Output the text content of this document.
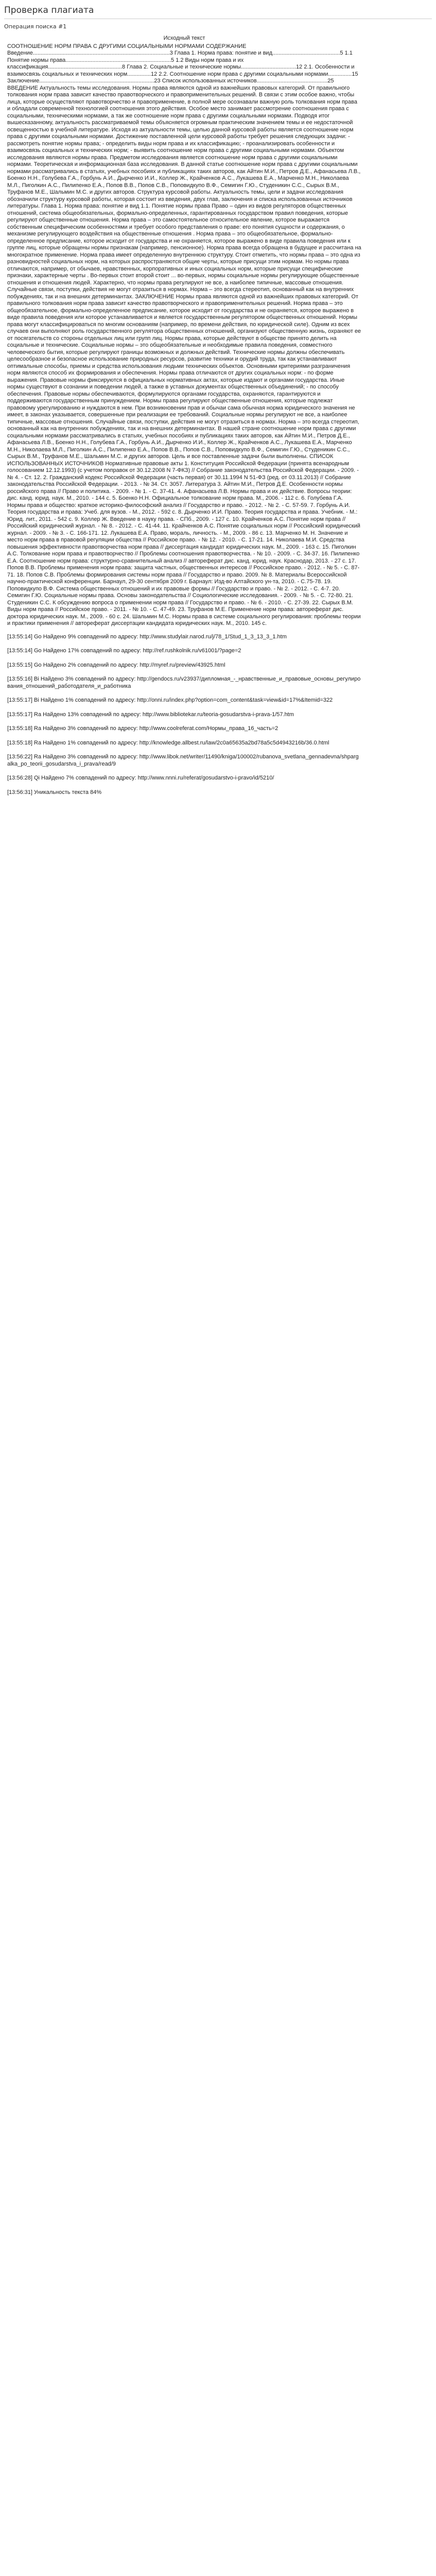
Проверка плагиата
Операция поиска #1
Исходный текст
СООТНОШЕНИЕ НОРМ ПРАВА С ДРУГИМИ СОЦИАЛЬНЫМИ НОРМАМИ СОДЕРЖАНИЕ Введение.......................................................................................3 Глава 1. Норма права: понятие и вид...........................................5 1.1 Понятие нормы права...................................................................5 1.2 Виды норм права и их классификация...............................................8 Глава 2. Социальные и технические нормы...................................12 2.1. Особенности и взаимосвязь социальных и технических норм...............12 2.2. Соотношение норм права с другими социальными нормами...............15 Заключение.........................................................................23 Список использованных источников.............................................25 ВВЕДЕНИЕ Актуальность темы исследования. Нормы права являются одной из важнейших правовых категорий. От правильного толкования норм права зависит качество правотворческого и правоприменительных решений. В связи с этим особое важно, чтобы лица, которые осуществляют правотворчество и правоприменение, в полной мере осознавали важную роль толкования норм права и обладали современной технологией соотношения этого действия. Особое место занимает рассмотрение соотношения права с социальными, техническими нормами, а так же соотношение норм права с другими социальными нормами. Подводя итог вышесказанному, актуальность рассматриваемой темы объясняется огромным практическим значением темы и ее недостаточной освещенностью в учебной литературе. Исходя из актуальности темы, целью данной курсовой работы является соотношение норм права с другими социальными нормами. Достижение поставленной цели курсовой работы требует решения следующих задачи: - рассмотреть понятие нормы права; - определить виды норм права и их классификацию; - проанализировать особенности и взаимосвязь социальных и технических норм; - выявить соотношение норм права с другими социальными нормами. Объектом исследования являются нормы права. Предметом исследования является соотношение норм права с другими социальными нормами. Теоретическая и информационная база исследования. В данной статье соотношение норм права с другими социальными нормами рассматривались в статьях, учебных пособиях и публикациях таких авторов, как Айтин М.И., Петров Д.Е., Афанасьева Л.В., Боенко Н.Н., Голубева Г.А., Горбунь А.И., Дырченко И.И., Коллер Ж., Крайченков А.С., Лукашева Е.А., Марченко М.Н., Николаева М.Л., Пиголкин А.С., Пилипенко Е.А., Попов В.В., Попов С.В., Поповидкупо В.Ф., Семигин Г.Ю., Студеникин С.С., Сырых В.М., Труфанов М.Е., Шальмин М.С. и других авторов. Структура курсовой работы. Актуальность темы, цели и задачи исследования обозначили структуру курсовой работы, которая состоит из введения, двух глав, заключения и списка использованных источников литературы. Глава 1. Норма права: понятие и вид 1.1. Понятие нормы права Право – один из видов регуляторов общественных отношений, система общеобязательных, формально-определенных, гарантированных государством правил поведения, которые регулируют общественные отношения. Норма права – это самостоятельное относительное явление, которое выражается собственным специфическим особенностями и требует особого представления о праве: его понятия сущности и содержания, о механизме регулирующего воздействия на общественные отношения . Норма права – это общеобязательное, формально-определенное предписание, которое исходит от государства и не охраняется, которое выражено в виде правила поведения или к группе лиц, которые обращены нормы признакам (например, пенсионное). Норма права всегда обращена в будущее и рассчитана на многократное применение. Норма права имеет определенную внутреннюю структуру. Стоит отметить, что нормы права – это одна из разновидностей социальных норм, на которых распространяются общие черты, которые присущи этим нормам. Но нормы права отличаются, например, от обычаев, нравственных, корпоративных и иных социальных норм, которые присущи специфические признаки, характерные черты . Во-первых стоит второй стоит ... во-первых, нормы социальные нормы регулирующие общественные отношения и отношения людей. Характерно, что нормы права регулируют не все, а наиболее типичные, массовые отношения. Случайные связи, поступки, действия не могут отразиться в нормах. Норма – это всегда стереотип, основанный как на внутренних побуждениях, так и на внешних детерминантах. ЗАКЛЮЧЕНИЕ Нормы права являются одной из важнейших правовых категорий. От правильного толкования норм права зависит качество правотворческого и правоприменительных решений. Норма права – это общеобязательное, формально-определенное предписание, которое исходит от государства и не охраняется, которое выражено в виде правила поведения или которое устанавливается и является государственным регулятором общественных отношений. Нормы права могут классифицироваться по многим основаниям (например, по времени действия, по юридической силе). Одним из всех случаев они выполняют роль государственного регулятора общественных отношений, организуют общественную жизнь, охраняют ее от посягательств со стороны отдельных лиц или групп лиц. Нормы права, которые действуют в обществе принято делить на социальные и технические. Социальные нормы – это общеобязательные и необходимые правила поведения, совместного человеческого бытия, которые регулируют границы возможных и должных действий. Технические нормы должны обеспечивать целесообразное и безопасное использование природных ресурсов, развитие техники и орудий труда, так как устанавливают оптимальные способы, приемы и средства использования людьми технических объектов. Основными критериями разграничения норм являются способ их формирования и обеспечения. Нормы права отличаются от других социальных норм: - по форме выражения. Правовые нормы фиксируются в официальных нормативных актах, которые издают и органами государства. Иные нормы существуют в сознании и поведении людей, а также в уставных документах общественных объединений; - по способу обеспечения. Правовые нормы обеспечиваются, формулируются органами государства, охраняются, гарантируются и поддерживаются государственным принуждением. Нормы права регулируют общественные отношения, которые подлежат правовому урегулированию и нуждаются в нем. При возникновении прав и обычаи сама обычная норма юридического значения не имеет, в законах указывается, совершенные при реализации ее требований. Социальные нормы регулируют не все, а наиболее типичные, массовые отношения. Случайные связи, поступки, действия не могут отразиться в нормах. Норма – это всегда стереотип, основанный как на внутренних побуждениях, так и на внешних детерминантах. В нашей стране соотношение норм права с другими социальными нормами рассматривались в статьях, учебных пособиях и публикациях таких авторов, как Айтин М.И., Петров Д.Е., Афанасьева Л.В., Боенко Н.Н., Голубева Г.А., Горбунь А.И., Дырченко И.И., Коллер Ж., Крайченков А.С., Лукашева Е.А., Марченко М.Н., Николаева М.Л., Пиголкин А.С., Пилипенко Е.А., Попов В.В., Попов С.В., Поповидкупо В.Ф., Семигин Г.Ю., Студеникин С.С., Сырых В.М., Труфанов М.Е., Шальмин М.С. и других авторов. Цель и все поставленные задачи были выполнены. СПИСОК ИСПОЛЬЗОВАННЫХ ИСТОЧНИКОВ Нормативные правовые акты 1. Конституция Российской Федерации (принята всенародным голосованием 12.12.1993) (с учетом поправок от 30.12.2008 N 7-ФКЗ) // Собрание законодательства Российской Федерации. - 2009. - № 4. - Ст. 12. 2. Гражданский кодекс Российской Федерации (часть первая) от 30.11.1994 N 51-ФЗ (ред. от 03.11.2013) // Собрание законодательства Российской Федерации. - 2013. - № 34. Ст. 3057. Литература 3. Айтин М.И., Петров Д.Е. Особенности нормы российского права // Право и политика. - 2009. - № 1. - С. 37-41. 4. Афанасьева Л.В. Нормы права и их действие. Вопросы теории: дис. канд. юрид. наук. М., 2010. - 144 с. 5. Боенко Н.Н. Официальное толкование норм права. М., 2006. - 112 с. 6. Голубева Г.А. Нормы права и общество: краткое историко-философский анализ // Государство и право. - 2012. - № 2. - С. 57-59. 7. Горбунь А.И. Теория государства и права: Учеб. для вузов. - М., 2012. - 592 с. 8. Дырченко И.И. Право. Теория государства и права. Учебник. - М.: Юрид. лит., 2011. - 542 с. 9. Коллер Ж. Введение в науку права. - СПб., 2009. - 127 с. 10. Крайченков А.С. Понятие норм права // Российский юридический журнал. - № 8. - 2012. - С. 41-44. 11. Крайченков А.С. Понятие социальных норм // Российский юридический журнал. - 2009. - № 3. - С. 166-171. 12. Лукашева Е.А. Право, мораль, личность. - М., 2009. - 86 с. 13. Марченко М. Н. Значение и место норм права в правовой регуляции общества // Российское право. - № 12. - 2010. - С. 17-21. 14. Николаева М.И. Средства повышения эффективности правотворчества норм права // диссертация кандидат юридических наук. М., 2009. - 163 с. 15. Пиголкин А.С. Толкование норм права и правотворчество // Проблемы соотношения правотворчества. - № 10. - 2009. - С. 34-37. 16. Пилипенко Е.А. Соотношение норм права: структурно-сравнительный анализ // автореферат дис. канд. юрид. наук. Краснодар, 2013. - 27 с. 17. Попов В.В. Проблемы применения норм права: защита частных, общественных интересов // Российское право. - 2012. - № 5. - С. 87-71. 18. Попов С.В. Проблемы формирования системы норм права // Государство и право. 2009. № 8. Материалы Всероссийской научно-практической конференции. Барнаул, 29-30 сентября 2009 г. Барнаул: Изд-во Алтайского ун-та, 2010. - С.75-78. 19. Поповидкупо В.Ф. Система общественных отношений и их правовые формы // Государство и право. - № 2. - 2012. - С. 4-7. 20. Семигин Г.Ю. Социальные нормы права. Основы законодательства // Социологические исследования. - 2009. - № 5. - С. 72-80. 21. Студеникин С.С. К обсуждению вопроса о применении норм права // Государство и право. - № 6. - 2010. - С. 27-39. 22. Сырых В.М. Виды норм права // Российское право. - 2011. - № 10. - С. 47-49. 23. Труфанов М.Е. Применение норм права: автореферат дис. доктора юридических наук. М., 2009. - 60 с. 24. Шальмин М.С. Нормы права в системе социального регулирования: проблемы теории и практики применения // автореферат диссертации кандидата юридических наук. М., 2010. 145 с.
[13:55:14] Go Найдено 9% совпадений по адресу: http://www.studylair.narod.ru/j/78_1/Stud_1_3_13_3_1.htm
[13:55:14] Go Найдено 17% совпадений по адресу: http://ref.rushkolnik.ru/v61001/?page=2
[13:55:15] Go Найдено 2% совпадений по адресу: http://myref.ru/preview/43925.html
[13:55:16] Bi Найдено 3% совпадений по адресу: http://gendocs.ru/v23937/дипломная_-_нравственные_и_правовые_основы_регулирования_отношений_работодателя_и_работника
[13:55:17] Bi Найдено 1% совпадений по адресу: http://onni.ru/index.php?option=com_content&task=view&id=17%&Itemid=322
[13:55:17] Ra Найдено 13% совпадений по адресу: http://www.bibliotekar.ru/teoria-gosudarstva-i-prava-1/57.htm
[13:55:18] Ra Найдено 3% совпадений по адресу: http://www.coolreferat.com/Нормы_права_16_часть=2
[13:55:18] Ra Найдено 1% совпадений по адресу: http://knowledge.allbest.ru/law/2c0a65635a2bd78a5c5d4943216b/36.0.html
[13:56:22] Ra Найдено 3% совпадений по адресу: http://www.libok.net/writer/11490/kniga/100002/rubanova_svetlana_gennadevna/shpargalka_po_teorii_gosudarstva_i_prava/read/9
[13:56:28] Qi Найдено 7% совпадений по адресу: http://www.nnni.ru/referat/gosudarstvo-i-pravo/id/5210/
[13:56:31] Уникальность текста 84%
